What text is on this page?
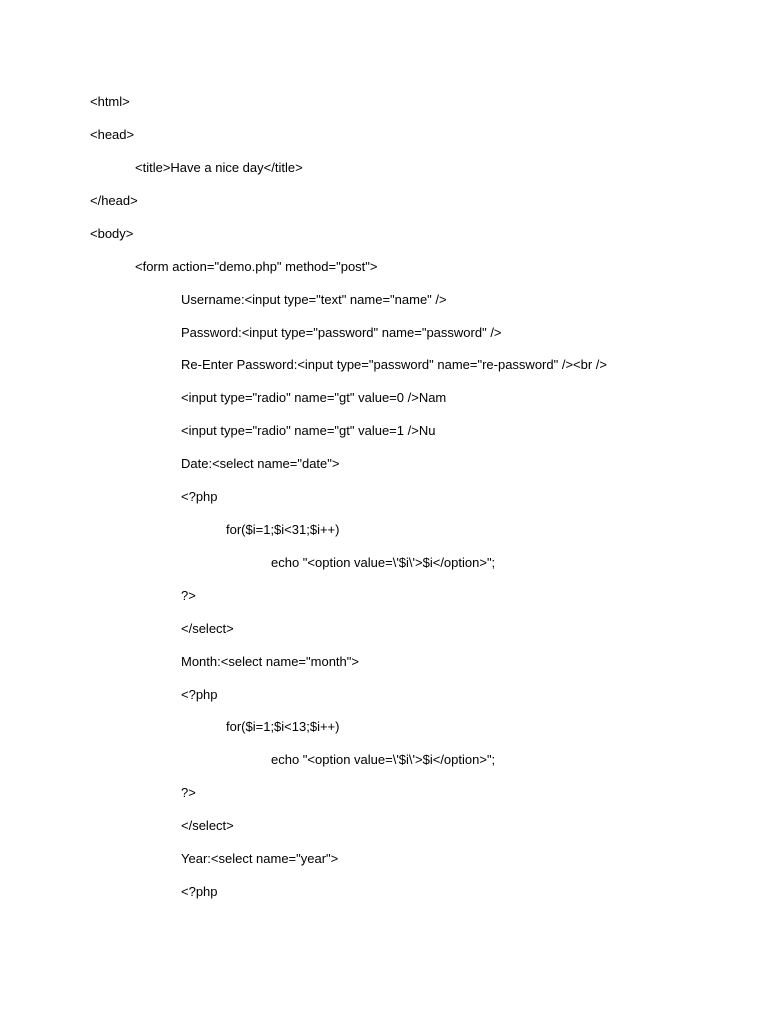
<html>
<head>
<title>Have a nice day</title>
</head>
<body>
<form action="demo.php" method="post">
Username:<input type="text" name="name" />
Password:<input type="password" name="password" />
Re-Enter Password:<input type="password" name="re-password" /><br />
<input type="radio" name="gt" value=0 />Nam
<input type="radio" name="gt" value=1 />Nu
Date:<select name="date">
<?php
for($i=1;$i<31;$i++)
echo "<option value=\'$i\'>$i</option>";
?>
</select>
Month:<select name="month">
<?php
for($i=1;$i<13;$i++)
echo "<option value=\'$i\'>$i</option>";
?>
</select>
Year:<select name="year">
<?php
